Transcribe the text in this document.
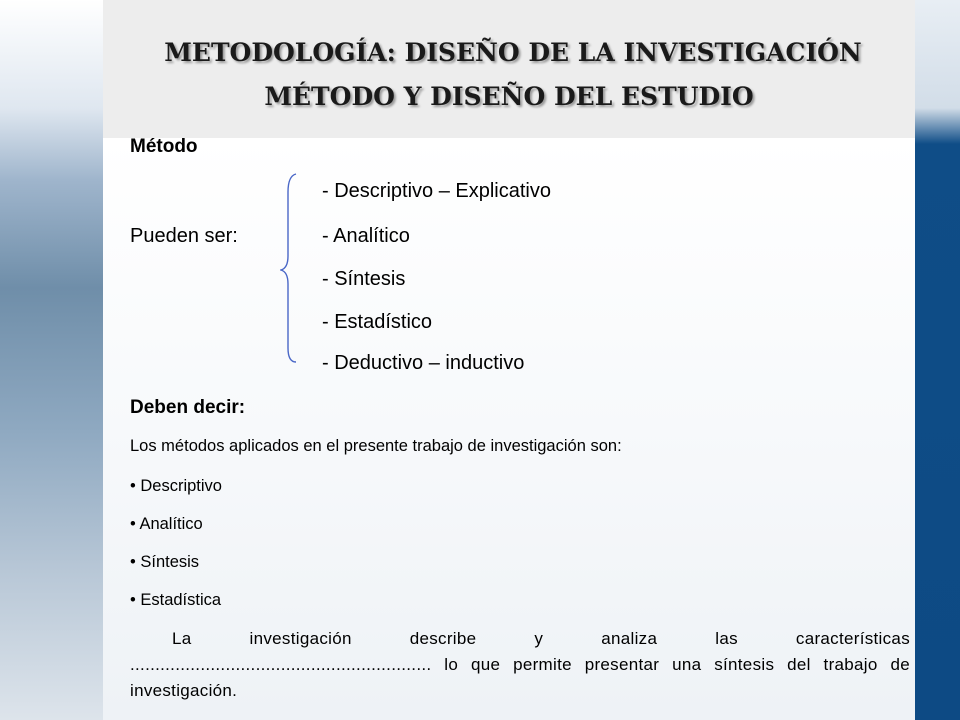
METODOLOGÍA: DISEÑO DE LA INVESTIGACIÓN
MÉTODO Y DISEÑO DEL ESTUDIO
Método
Pueden ser:
- Descriptivo – Explicativo
- Analítico
- Síntesis
- Estadístico
- Deductivo – inductivo
Deben decir:
Los métodos aplicados en el presente trabajo de investigación son:
• Descriptivo
• Analítico
• Síntesis
• Estadística
La investigación describe y analiza las características
............................................................ lo que permite presentar una síntesis del trabajo de investigación.
